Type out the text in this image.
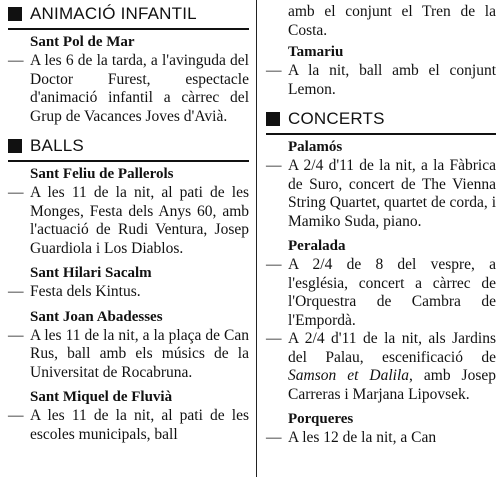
ANIMACIÓ INFANTIL
Sant Pol de Mar

— A les 6 de la tarda, a l'avinguda del Doctor Furest, espectacle d'animació infantil a càrrec del Grup de Vacances Joves d'Avià.

BALLS
Sant Feliu de Pallerols

— A les 11 de la nit, al pati de les Monges, Festa dels Anys 60, amb l'actuació de Rudi Ventura, Josep Guardiola i Los Diablos.

Sant Hilari Sacalm

— Festa dels Kintus.

Sant Joan Abadesses

— A les 11 de la nit, a la plaça de Can Rus, ball amb els músics de la Universitat de Rocabruna.

Sant Miquel de Fluvià

— A les 11 de la nit, al pati de les escoles municipals, ball

amb el conjunt el Tren de la Costa.

Tamariu

— A la nit, ball amb el conjunt Lemon.

CONCERTS
Palamós

— A 2/4 d'11 de la nit, a la Fàbrica de Suro, concert de The Vienna String Quartet, quartet de corda, i Mamiko Suda, piano.

Peralada

— A 2/4 de 8 del vespre, a l'església, concert a càrrec de l'Orquestra de Cambra de l'Empordà.

— A 2/4 d'11 de la nit, als Jardins del Palau, escenificació de Samson et Dalila, amb Josep Carreras i Marjana Lipovsek.

Porqueres

— A les 12 de la nit, a Can
